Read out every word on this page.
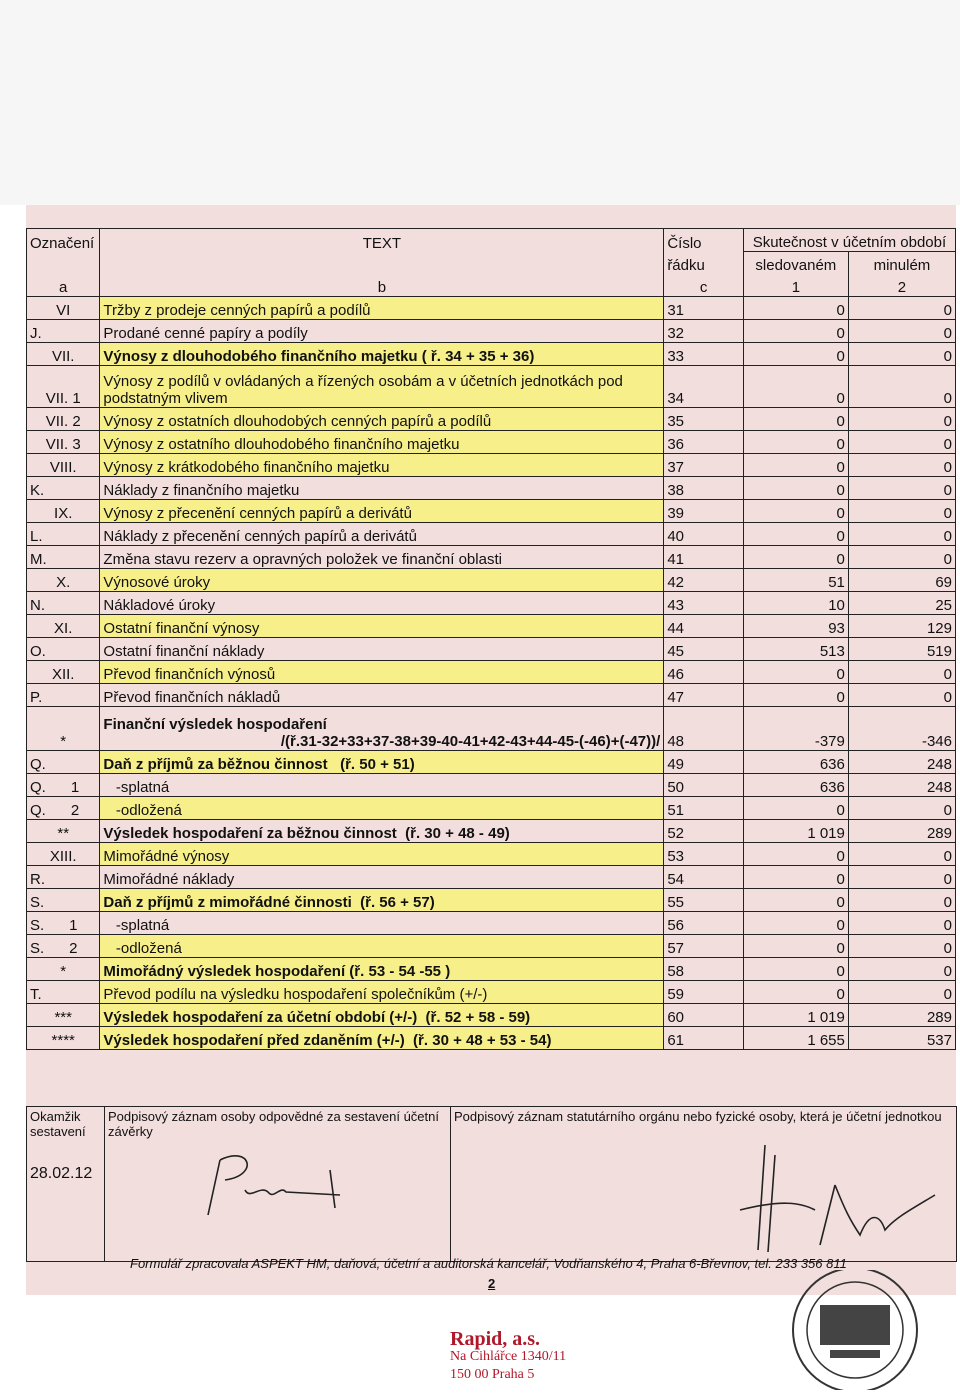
Označení	TEXT	Číslo	Skutečnost v účetním období	
		řádku	sledovaném	minulém
a	b	c	1	2
VI	Tržby z prodeje cenných papírů a podílů	31	0	0
J.	Prodané cenné papíry a podíly	32	0	0
VII.	Výnosy z dlouhodobého finančního majetku ( ř. 34 + 35 + 36)	33	0	0
VII. 1	Výnosy z podílů v ovládaných a řízených osobám a v účetních jednotkách pod podstatným vlivem	34	0	0
VII. 2	Výnosy z ostatních dlouhodobých cenných papírů a podílů	35	0	0
VII. 3	Výnosy z ostatního dlouhodobého finančního majetku	36	0	0
VIII.	Výnosy z krátkodobého finančního majetku	37	0	0
K.	Náklady z finančního majetku	38	0	0
IX.	Výnosy z přecenění cenných papírů a derivátů	39	0	0
L.	Náklady z přecenění cenných papírů a derivátů	40	0	0
M.	Změna stavu rezerv a opravných položek ve finanční oblasti	41	0	0
X.	Výnosové úroky	42	51	69
N.	Nákladové úroky	43	10	25
XI.	Ostatní finanční výnosy	44	93	129
O.	Ostatní finanční náklady	45	513	519
XII.	Převod finančních výnosů	46	0	0
P.	Převod finančních nákladů	47	0	0
*	Finanční výsledek hospodaření
/(ř.31-32+33+37-38+39-40-41+42-43+44-45-(-46)+(-47))/	48	-379	-346
Q.	Daň z příjmů za běžnou činnost   (ř. 50 + 51)	49	636	248
Q.      1	-splatná	50	636	248
Q.      2	-odložená	51	0	0
**	Výsledek hospodaření za běžnou činnost  (ř. 30 + 48 - 49)	52	1 019	289
XIII.	Mimořádné výnosy	53	0	0
R.	Mimořádné náklady	54	0	0
S.	Daň z příjmů z mimořádné činnosti  (ř. 56 + 57)	55	0	0
S.      1	-splatná	56	0	0
S.      2	-odložená	57	0	0
*	Mimořádný výsledek hospodaření (ř. 53 - 54 -55 )	58	0	0
T.	Převod podílu na výsledku hospodaření společníkům (+/-)	59	0	0
***	Výsledek hospodaření za účetní období (+/-)  (ř. 52 + 58 - 59)	60	1 019	289
****	Výsledek hospodaření před zdaněním (+/-)  (ř. 30 + 48 + 53 - 54)	61	1 655	537
Okamžik sestavení
28.02.12

Podpisový záznam osoby odpovědné za sestavení účetní závěrky

Podpisový záznam statutárního orgánu nebo fyzické osoby, která je účetní jednotkou
Formulář zpracovala ASPEKT HM, daňová, účetní a auditorská kancelář, Vodňanského 4, Praha 6-Břevnov, tel. 233 356 811
2
Rapid, a.s.
Na Cihlářce 1340/11
150 00 Praha 5
